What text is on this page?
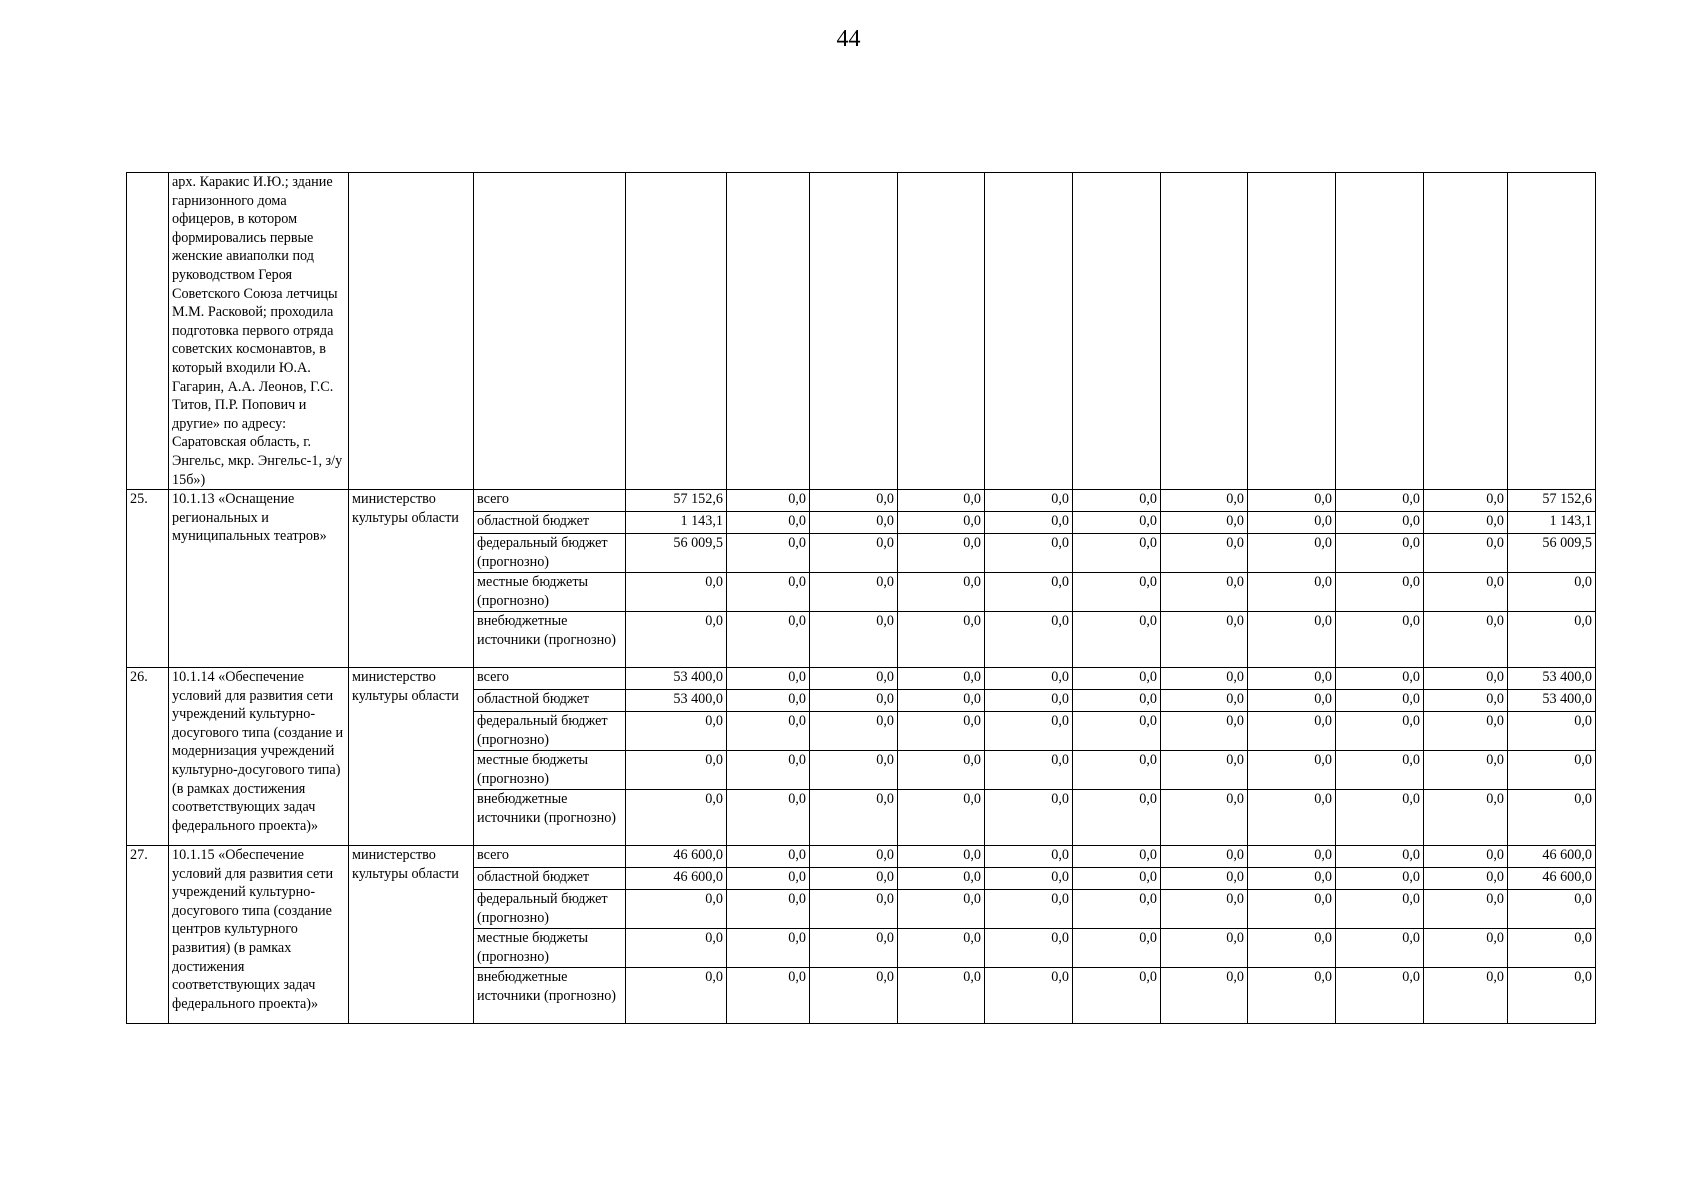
44
	арх. Каракис И.Ю.; здание гарнизонного дома офицеров, в котором формировались первые женские авиаполки под руководством Героя Советского Союза летчицы М.М. Расковой; проходила подготовка первого отряда советских космонавтов, в который входили Ю.А. Гагарин, А.А. Леонов, Г.С. Титов, П.Р. Попович и другие» по адресу: Саратовская область, г. Энгельс, мкр. Энгельс-1, з/у 15б»)													
25.	10.1.13 «Оснащение региональных и муниципальных театров»	министерство культуры области	всего	57 152,6	0,0	0,0	0,0	0,0	0,0	0,0	0,0	0,0	0,0	57 152,6
			областной бюджет	1 143,1	0,0	0,0	0,0	0,0	0,0	0,0	0,0	0,0	0,0	1 143,1
			федеральный бюджет (прогнозно)	56 009,5	0,0	0,0	0,0	0,0	0,0	0,0	0,0	0,0	0,0	56 009,5
			местные бюджеты (прогнозно)	0,0	0,0	0,0	0,0	0,0	0,0	0,0	0,0	0,0	0,0	0,0
			внебюджетные источники (прогнозно)	0,0	0,0	0,0	0,0	0,0	0,0	0,0	0,0	0,0	0,0	0,0
26.	10.1.14 «Обеспечение условий для развития сети учреждений культурно-досугового типа (создание и модернизация учреждений культурно-досугового типа) (в рамках достижения соответствующих задач федерального проекта)»	министерство культуры области	всего	53 400,0	0,0	0,0	0,0	0,0	0,0	0,0	0,0	0,0	0,0	53 400,0
			областной бюджет	53 400,0	0,0	0,0	0,0	0,0	0,0	0,0	0,0	0,0	0,0	53 400,0
			федеральный бюджет (прогнозно)	0,0	0,0	0,0	0,0	0,0	0,0	0,0	0,0	0,0	0,0	0,0
			местные бюджеты (прогнозно)	0,0	0,0	0,0	0,0	0,0	0,0	0,0	0,0	0,0	0,0	0,0
			внебюджетные источники (прогнозно)	0,0	0,0	0,0	0,0	0,0	0,0	0,0	0,0	0,0	0,0	0,0
27.	10.1.15 «Обеспечение условий для развития сети учреждений культурно-досугового типа (создание центров культурного развития) (в рамках достижения соответствующих задач федерального проекта)»	министерство культуры области	всего	46 600,0	0,0	0,0	0,0	0,0	0,0	0,0	0,0	0,0	0,0	46 600,0
			областной бюджет	46 600,0	0,0	0,0	0,0	0,0	0,0	0,0	0,0	0,0	0,0	46 600,0
			федеральный бюджет (прогнозно)	0,0	0,0	0,0	0,0	0,0	0,0	0,0	0,0	0,0	0,0	0,0
			местные бюджеты (прогнозно)	0,0	0,0	0,0	0,0	0,0	0,0	0,0	0,0	0,0	0,0	0,0
			внебюджетные источники (прогнозно)	0,0	0,0	0,0	0,0	0,0	0,0	0,0	0,0	0,0	0,0	0,0
